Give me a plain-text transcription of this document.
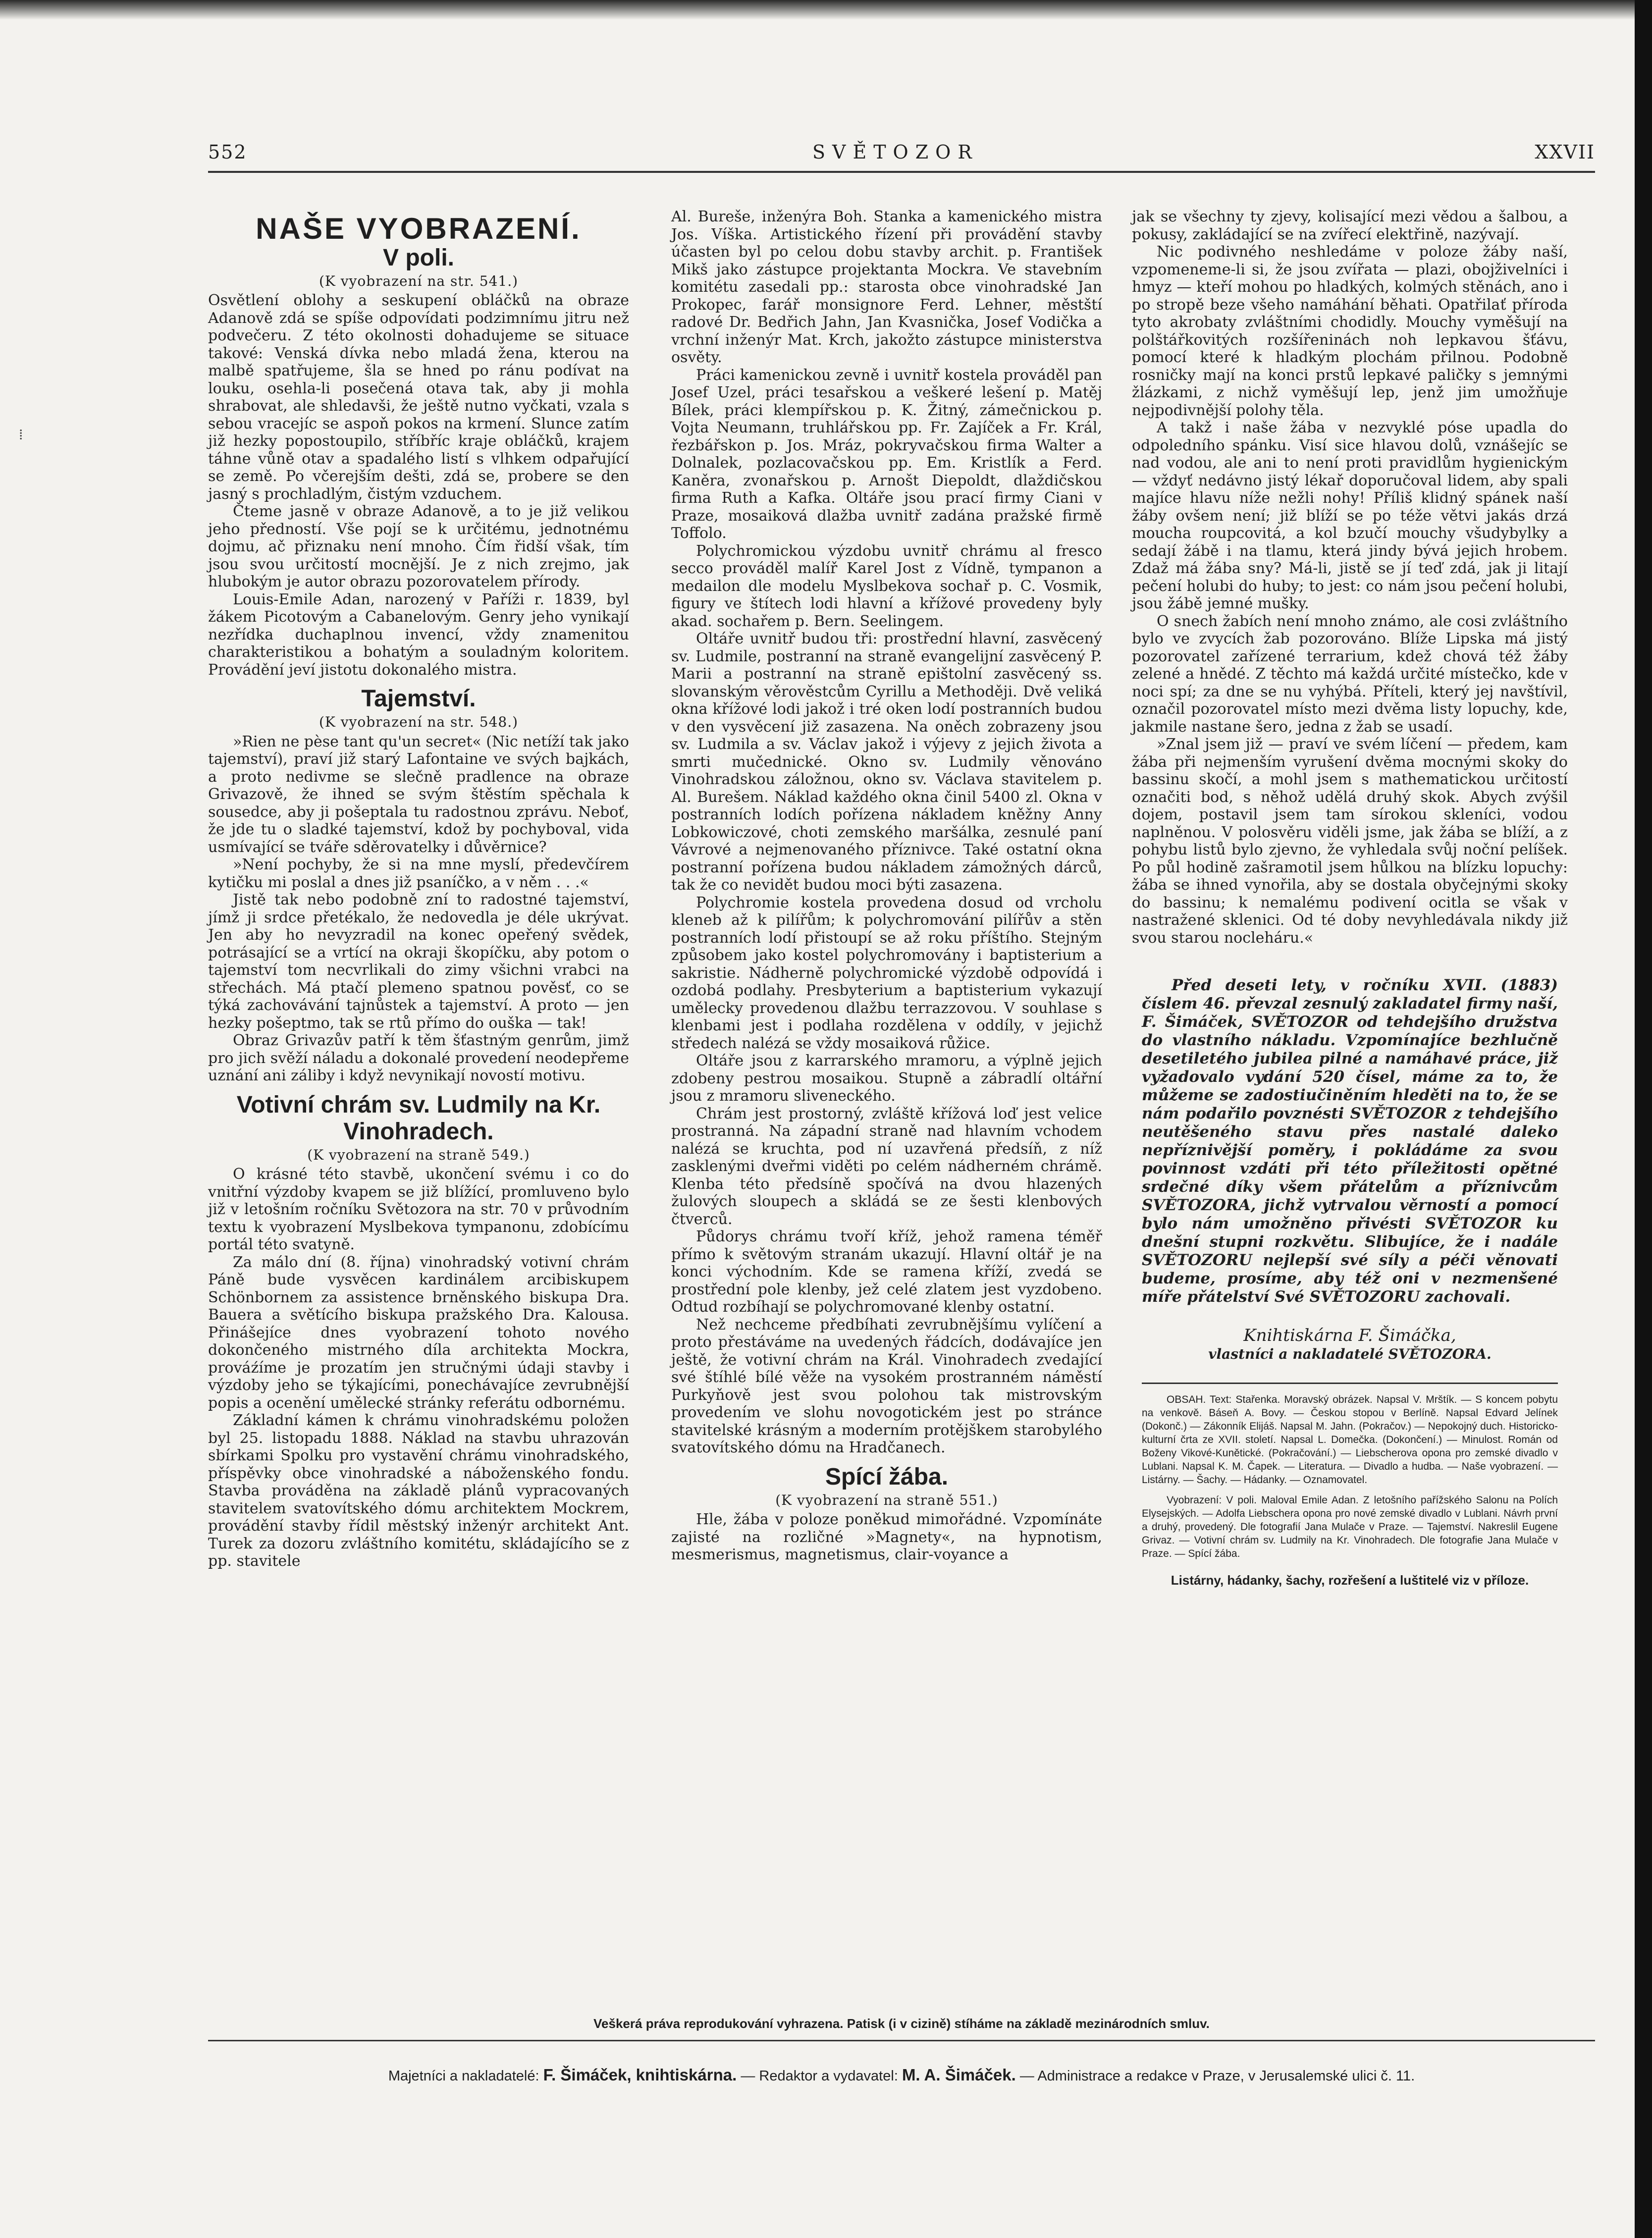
⁞
552	SVĚTOZOR	XXVII
NAŠE VYOBRAZENÍ.
V poli.
(K vyobrazení na str. 541.)

Osvětlení oblohy a seskupení obláčků na obraze Adanově zdá se spíše odpovídati podzimnímu jitru než podvečeru. Z této okolnosti dohadujeme se situace takové: Venská dívka nebo mladá žena, kterou na malbě spatřujeme, šla se hned po ránu podívat na louku, osehla-li posečená otava tak, aby ji mohla shrabovat, ale shledavši, že ještě nutno vyčkati, vzala s sebou vracejíc se aspoň pokos na krmení. Slunce zatím již hezky popostoupilo, stříbříc kraje obláčků, krajem táhne vůně otav a spadalého listí s vlhkem odpařující se země. Po včerejším dešti, zdá se, probere se den jasný s prochladlým, čistým vzduchem.

Čteme jasně v obraze Adanově, a to je již velikou jeho předností. Vše pojí se k určitému, jednotnému dojmu, ač přiznaku není mnoho. Čím řidší však, tím jsou svou určitostí mocnější. Je z nich zrejmo, jak hlubokým je autor obrazu pozorovatelem přírody.

Louis-Emile Adan, narozený v Paříži r. 1839, byl žákem Picotovým a Cabanelovým. Genry jeho vynikají nezřídka duchaplnou invencí, vždy znamenitou charakteristikou a bohatým a souladným koloritem. Provádění jeví jistotu dokonalého mistra.

Tajemství.
(K vyobrazení na str. 548.)

»Rien ne pèse tant qu'un secret« (Nic netíží tak jako tajemství), praví již starý Lafontaine ve svých bajkách, a proto nedivme se slečně pradlence na obraze Grivazově, že ihned se svým štěstím spěchala k sousedce, aby ji pošeptala tu radostnou zprávu. Neboť, že jde tu o sladké tajemství, kdož by pochyboval, vida usmívající se tváře sděrovatelky i důvěrnice?

»Není pochyby, že si na mne myslí, předevčírem kytičku mi poslal a dnes již psaníčko, a v něm . . .«

Jistě tak nebo podobně zní to radostné tajemství, jímž ji srdce přetékalo, že nedovedla je déle ukrývat. Jen aby ho nevyzradil na konec opeřený svědek, potrásající se a vrtící na okraji škopíčku, aby potom o tajemství tom necvrlikali do zimy všichni vrabci na střechách. Má ptačí plemeno spatnou pověsť, co se týká zachovávání tajnůstek a tajemství. A proto — jen hezky pošeptmo, tak se rtů přímo do ouška — tak!

Obraz Grivazův patří k těm šťastným genrům, jimž pro jich svěží náladu a dokonalé provedení neodepřeme uznání ani záliby i když nevynikají novostí motivu.

Votivní chrám sv. Ludmily na Kr. Vinohradech.
(K vyobrazení na straně 549.)

O krásné této stavbě, ukončení svému i co do vnitřní výzdoby kvapem se již blížící, promluveno bylo již v letošním ročníku Světozora na str. 70 v průvodním textu k vyobrazení Myslbekova tympanonu, zdobícímu portál této svatyně.

Za málo dní (8. října) vinohradský votivní chrám Páně bude vysvěcen kardinálem arcibiskupem Schönbornem za assistence brněnského biskupa Dra. Bauera a světícího biskupa pražského Dra. Kalousa. Přinášejíce dnes vyobrazení tohoto nového dokončeného mistrného díla architekta Mockra, prováźíme je prozatím jen stručnými údaji stavby i výzdoby jeho se týkajícími, ponechávajíce zevrubnější popis a ocenění umělecké stránky referátu odbornému.

Základní kámen k chrámu vinohradskému položen byl 25. listopadu 1888. Náklad na stavbu uhrazován sbírkami Spolku pro vystavění chrámu vinohradského, příspěvky obce vinohradské a náboženského fondu. Stavba prováděna na základě plánů vypracovaných stavitelem svatovítského dómu architektem Mockrem, provádění stavby řídil městský inženýr architekt Ant. Turek za dozoru zvláštního komitétu, skládajícího se z pp. stavitele

Al. Bureše, inženýra Boh. Stanka a kamenického mistra Jos. Víška. Artistického řízení při provádění stavby účasten byl po celou dobu stavby archit. p. František Mikš jako zástupce projektanta Mockra. Ve stavebním komitétu zasedali pp.: starosta obce vinohradské Jan Prokopec, farář monsignore Ferd. Lehner, městští radové Dr. Bedřich Jahn, Jan Kvasnička, Josef Vodička a vrchní inženýr Mat. Krch, jakožto zástupce ministerstva osvěty.

Práci kamenickou zevně i uvnitř kostela prováděl pan Josef Uzel, práci tesařskou a veškeré lešení p. Matěj Bílek, práci klempířskou p. K. Žitný, zámečnickou p. Vojta Neumann, truhlářskou pp. Fr. Zajíček a Fr. Král, řezbářskon p. Jos. Mráz, pokryvačskou firma Walter a Dolnalek, pozlacovačskou pp. Em. Kristlík a Ferd. Kaněra, zvonařskou p. Arnošt Diepoldt, dlaždičskou firma Ruth a Kafka. Oltáře jsou prací firmy Ciani v Praze, mosaiková dlažba uvnitř zadána pražské firmě Toffolo.

Polychromickou výzdobu uvnitř chrámu al fresco secco prováděl malíř Karel Jost z Vídně, tympanon a medailon dle modelu Myslbekova sochař p. C. Vosmik, figury ve štítech lodi hlavní a křížové provedeny byly akad. sochařem p. Bern. Seelingem.

Oltáře uvnitř budou tři: prostřední hlavní, zasvěcený sv. Ludmile, postranní na straně evangelijní zasvěcený P. Marii a postranní na straně epištolní zasvěcený ss. slovanským věrověstcům Cyrillu a Methoději. Dvě veliká okna křížové lodi jakož i tré oken lodí postranních budou v den vysvěcení již zasazena. Na oněch zobrazeny jsou sv. Ludmila a sv. Václav jakož i výjevy z jejich života a smrti mučednické. Okno sv. Ludmily věnováno Vinohradskou záložnou, okno sv. Václava stavitelem p. Al. Burešem. Náklad každého okna činil 5400 zl. Okna v postranních lodích pořízena nákladem kněžny Anny Lobkowiczové, choti zemského maršálka, zesnulé paní Vávrové a nejmenovaného příznivce. Také ostatní okna postranní pořízena budou nákladem zámožných dárců, tak že co nevidět budou moci býti zasazena.

Polychromie kostela provedena dosud od vrcholu kleneb až k pilířům; k polychromování pilířův a stěn postranních lodí přistoupí se až roku příštího. Stejným způsobem jako kostel polychromovány i baptisterium a sakristie. Nádherně polychromické výzdobě odpovídá i ozdobá podlahy. Presbyterium a baptisterium vykazují umělecky provedenou dlažbu terrazzovou. V souhlase s klenbami jest i podlaha rozdělena v oddíly, v jejichž středech nalézá se vždy mosaiková růžice.

Oltáře jsou z karrarského mramoru, a výplně jejich zdobeny pestrou mosaikou. Stupně a zábradlí oltářní jsou z mramoru sliveneckého.

Chrám jest prostorný, zvláště křížová loď jest velice prostranná. Na západní straně nad hlavním vchodem nalézá se kruchta, pod ní uzavřená předsíň, z níž zasklenými dveřmi viděti po celém nádherném chrámě. Klenba této předsíně spočívá na dvou hlazených žulových sloupech a skládá se ze šesti klenbových čtverců.

Půdorys chrámu tvoří kříž, jehož ramena téměř přímo k světovým stranám ukazují. Hlavní oltář je na konci východním. Kde se ramena kříží, zvedá se prostřední pole klenby, jež celé zlatem jest vyzdobeno. Odtud rozbíhají se polychromované klenby ostatní.

Než nechceme předbíhati zevrubnějšímu vylíčení a proto přestáváme na uvedených řádcích, dodávajíce jen ještě, že votivní chrám na Král. Vinohradech zvedající své štíhlé bílé věže na vysokém prostranném náměstí Purkyňově jest svou polohou tak mistrovským provedením ve slohu novogotickém jest po stránce stavitelské krásným a moderním protějškem starobylého svatovítského dómu na Hradčanech.

Spící žába.
(K vyobrazení na straně 551.)

Hle, žába v poloze poněkud mimořádné. Vzpomínáte zajisté na rozličné »Magnety«, na hypnotism, mesmerismus, magnetismus, clair-voyance a

jak se všechny ty zjevy, kolisající mezi vědou a šalbou, a pokusy, zakládající se na zvířecí elektřině, nazývají.

Nic podivného neshledáme v poloze žáby naší, vzpomeneme-li si, že jsou zvířata — plazi, obojživelníci i hmyz — kteří mohou po hladkých, kolmých stěnách, ano i po stropě beze všeho namáhání běhati. Opatřilať příroda tyto akrobaty zvláštními chodidly. Mouchy vyměšují na polštářkovitých rozšířeninách noh lepkavou šťávu, pomocí které k hladkým plochám přilnou. Podobně rosničky mají na konci prstů lepkavé paličky s jemnými žlázkami, z nichž vyměšují lep, jenž jim umožňuje nejpodivnější polohy těla.

A takž i naše žába v nezvyklé póse upadla do odpoledního spánku. Visí sice hlavou dolů, vznášejíc se nad vodou, ale ani to není proti pravidlům hygienickým — vždyť nedávno jistý lékař doporučoval lidem, aby spali majíce hlavu níže nežli nohy! Příliš klidný spánek naší žáby ovšem není; již blíží se po téže větvi jakás drzá moucha roupcovitá, a kol bzučí mouchy všudybylky a sedají žábě i na tlamu, která jindy bývá jejich hrobem. Zdaž má žába sny? Má-li, jistě se jí teď zdá, jak ji litají pečení holubi do huby; to jest: co nám jsou pečení holubi, jsou žábě jemné mušky.

O snech žabích není mnoho známo, ale cosi zvláštního bylo ve zvycích žab pozorováno. Blíže Lipska má jistý pozorovatel zařízené terrarium, kdež chová též žáby zelené a hnědé. Z těchto má každá určité místečko, kde v noci spí; za dne se nu vyhýbá. Příteli, který jej navštívil, označil pozorovatel místo mezi dvěma listy lopuchy, kde, jakmile nastane šero, jedna z žab se usadí.

»Znal jsem již — praví ve svém líčení — předem, kam žába při nejmenším vyrušení dvěma mocnými skoky do bassinu skočí, a mohl jsem s mathematickou určitostí označiti bod, s něhož udělá druhý skok. Abych zvýšil dojem, postavil jsem tam sírokou skleníci, vodou naplněnou. V polosvěru viděli jsme, jak žába se blíží, a z pohybu listů bylo zjevno, že vyhledala svůj noční pelíšek. Po půl hodině zašramotil jsem hůlkou na blízku lopuchy: žába se ihned vynořila, aby se dostala obyčejnými skoky do bassinu; k nemalému podivení ocitla se však v nastražené sklenici. Od té doby nevyhledávala nikdy již svou starou nocleháru.«

Před deseti lety, v ročníku XVII. (1883) číslem 46. převzal zesnulý zakladatel firmy naší, F. Šimáček, SVĚTOZOR od tehdejšího družstva do vlastního nákladu. Vzpomínajíce bezhlučně desetiletého jubilea pilné a namáhavé práce, již vyžadovalo vydání 520 čísel, máme za to, že můžeme se zadostiučiněním hleděti na to, že se nám podařilo povznésti SVĚTOZOR z tehdejšího neutěšeného stavu přes nastalé daleko nepříznivější poměry, i pokládáme za svou povinnost vzdáti při této příležitosti opětné srdečné díky všem přátelům a příznivcům SVĚTOZORA, jichž vytrvalou věrností a pomocí bylo nám umožněno přivésti SVĚTOZOR ku dnešní stupni rozkvětu. Slibujíce, že i nadále SVĚTOZORU nejlepší své síly a péči věnovati budeme, prosíme, aby též oni v nezmenšené míře přátelství Své SVĚTOZORU zachovali.

Knihtiskárna F. Šimáčka,
vlastníci a nakladatelé SVĚTOZORA.

OBSAH. Text: Stařenka. Moravský obrázek. Napsal V. Mrštík. — S koncem pobytu na venkově. Báseň A. Bovy. — Českou stopou v Berlíně. Napsal Edvard Jelínek (Dokonč.) — Zákonník Elijáš. Napsal M. Jahn. (Pokračov.) — Nepokojný duch. Historicko-kulturní črta ze XVII. století. Napsal L. Domečka. (Dokončení.) — Minulost. Román od Boženy Vikové-Kunětické. (Pokračování.) — Liebscherova opona pro zemské divadlo v Lublani. Napsal K. M. Čapek. — Literatura. — Divadlo a hudba. — Naše vyobrazení. — Listárny. — Šachy. — Hádanky. — Oznamovatel.

Vyobrazení: V poli. Maloval Emile Adan. Z letošního pařížského Salonu na Polích Elysejských. — Adolfa Liebschera opona pro nové zemské divadlo v Lublani. Návrh první a druhý, provedený. Dle fotografií Jana Mulače v Praze. — Tajemství. Nakreslil Eugene Grivaz. — Votivní chrám sv. Ludmily na Kr. Vinohradech. Dle fotografie Jana Mulače v Praze. — Spící žába.

Listárny, hádanky, šachy, rozřešení a luštitelé viz v příloze.
Veškerá práva reprodukování vyhrazena. Patisk (i v cizině) stíháme na základě mezinárodních smluv.
Majetníci a nakladatelé: F. Šimáček, knihtiskárna. — Redaktor a vydavatel: M. A. Šimáček. — Administrace a redakce v Praze, v Jerusalemské ulici č. 11.
